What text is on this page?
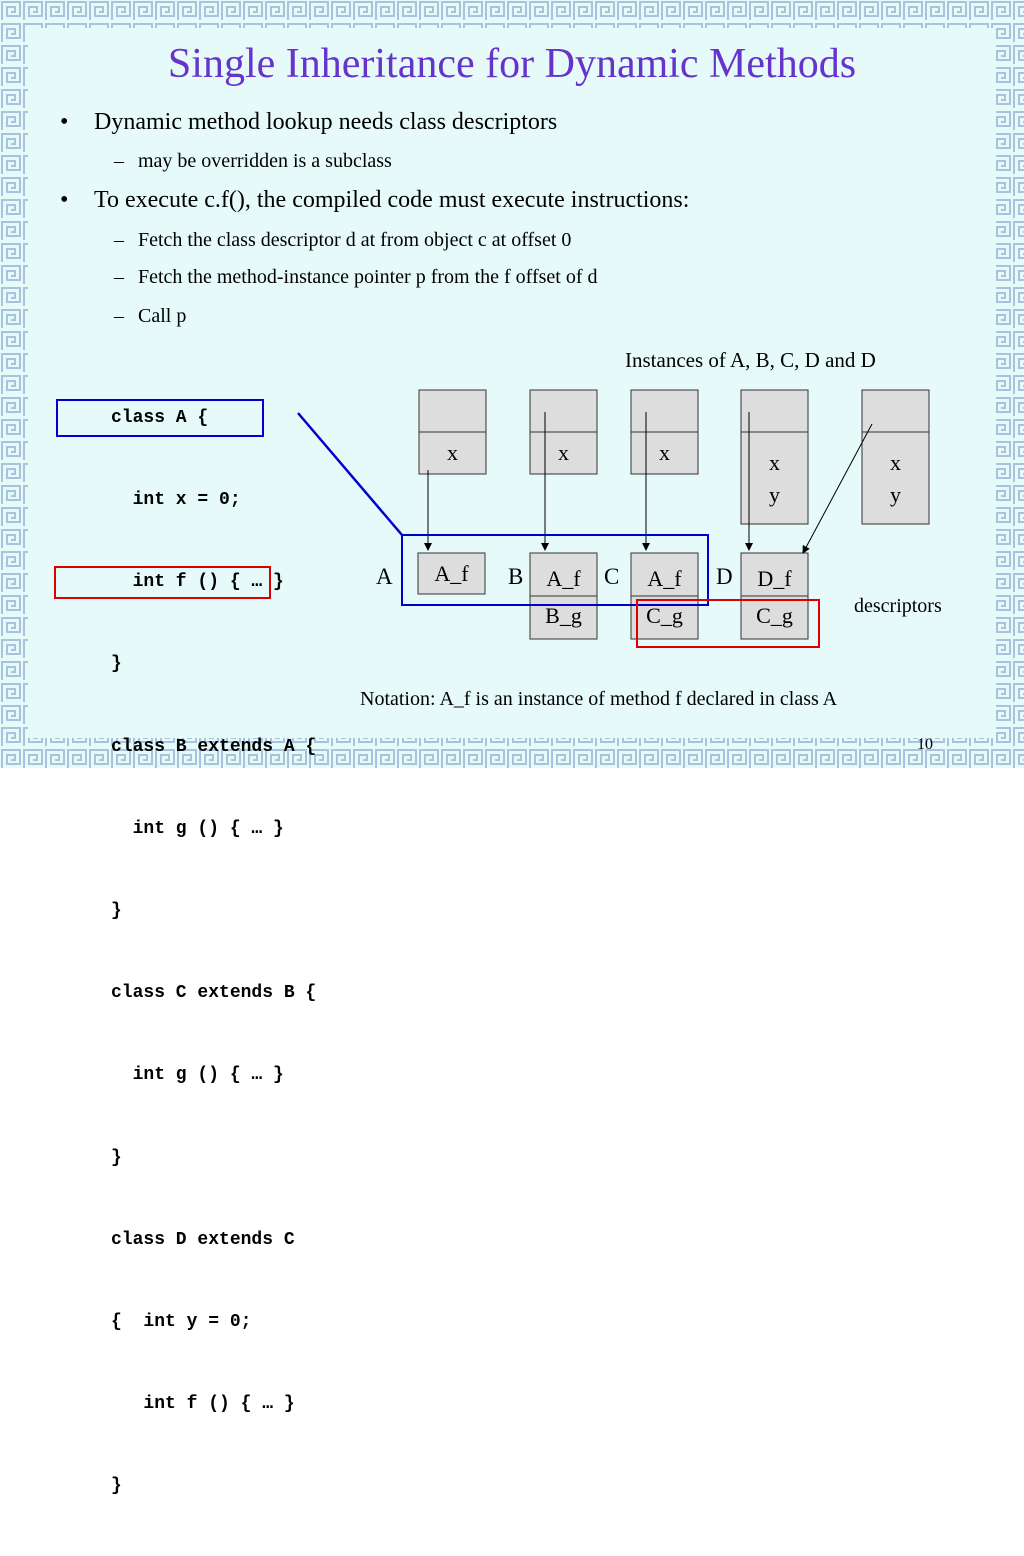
Single Inheritance for Dynamic Methods
• Dynamic method lookup needs class descriptors
– may be overridden is a subclass
• To execute c.f(), the compiled code must execute instructions:
– Fetch the class descriptor d at from object c at offset 0
– Fetch the method-instance pointer p from the f offset of d
– Call p

class A {

int x = 0;

int f () { … }

}

class B extends A {

int g () { … }

}

class C extends B {

int g () { … }

}

class D extends C

{  int y = 0;

int f () { … }

}

Instances of A, B, C, D and D
x	x	x	x
y
x
y
A	B	C	D
A_f	A_f
B_g
A_f
C_g
D_f
C_g	descriptors
Notation: A_f is an instance of method f declared in class A
10
